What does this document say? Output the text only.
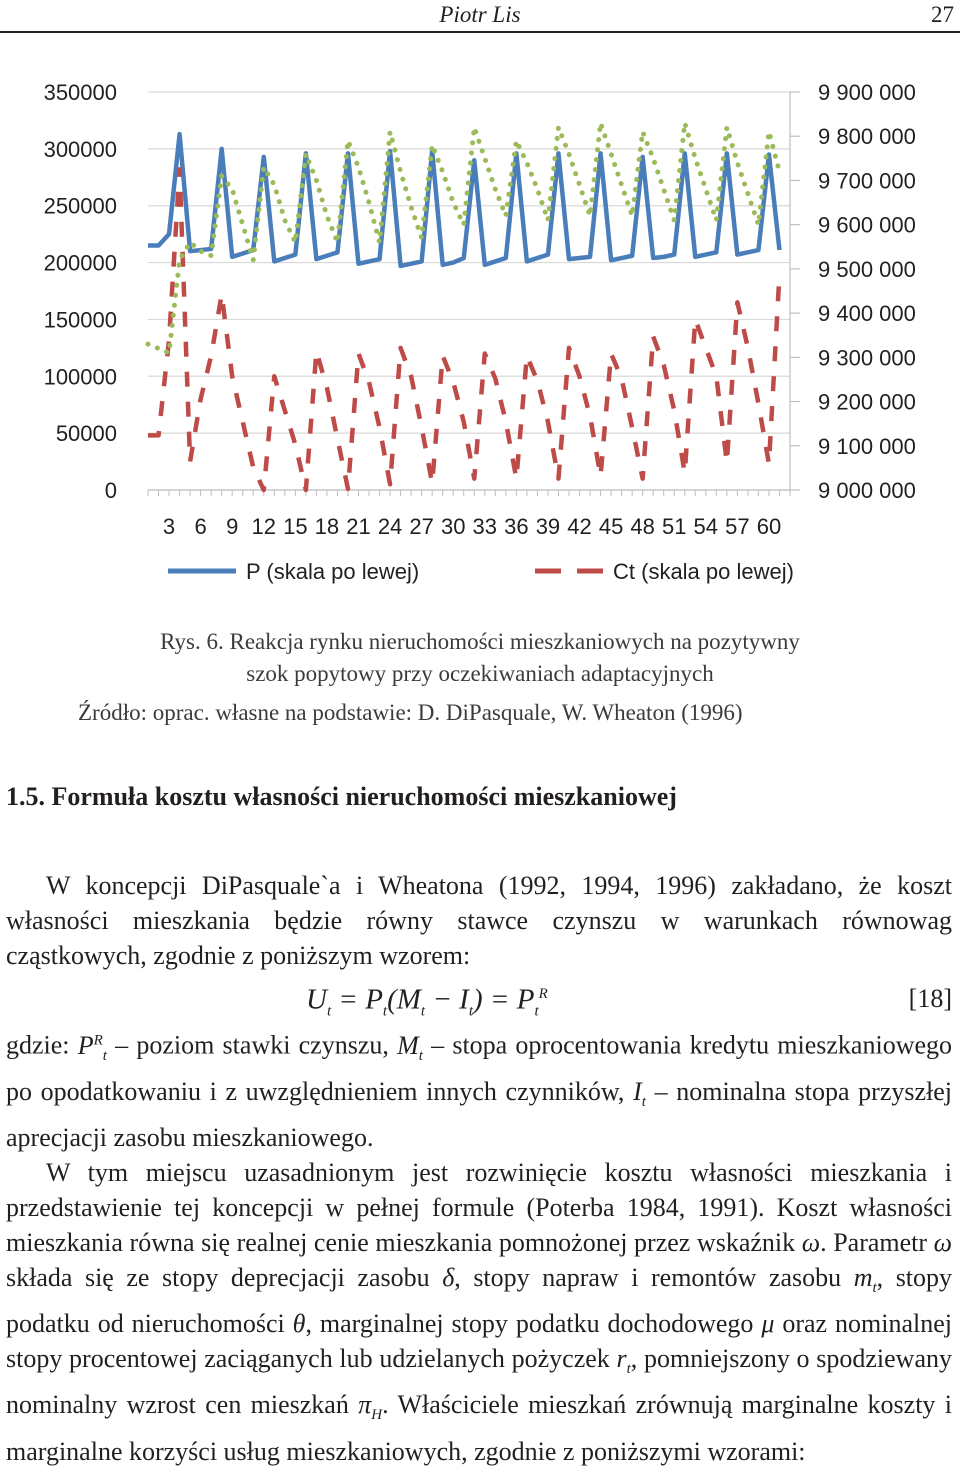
Piotr Lis	27
350000
300000
250000
200000
150000
100000
50000
0
9 900 000
9 800 000
9 700 000
9 600 000
9 500 000
9 400 000
9 300 000
9 200 000
9 100 000
9 000 000
3 6 9 12 15 18 21 24 27 30 33 36 39 42 45 48 51 54 57 60
P (skala po lewej)	Ct (skala po lewej)
Rys. 6. Reakcja rynku nieruchomości mieszkaniowych na pozytywny
szok popytowy przy oczekiwaniach adaptacyjnych
Źródło: oprac. własne na podstawie: D. DiPasquale, W. Wheaton (1996)
1.5. Formuła kosztu własności nieruchomości mieszkaniowej

W koncepcji DiPasquale`a i Wheatona (1992, 1994, 1996) zakładano, że koszt własności mieszkania będzie równy stawce czynszu w warunkach równowag cząstkowych, zgodnie z poniższym wzorem:

$U_t = P_t(M_t - I_t) = P_t^R$	[18]

gdzie: $P^R_t$ – poziom stawki czynszu, $M_t$ – stopa oprocentowania kredytu mieszkaniowego po opodatkowaniu i z uwzględnieniem innych czynników, $I_t$ – nominalna stopa przyszłej aprecjacji zasobu mieszkaniowego.

W tym miejscu uzasadnionym jest rozwinięcie kosztu własności mieszkania i przedstawienie tej koncepcji w pełnej formule (Poterba 1984, 1991). Koszt własności mieszkania równa się realnej cenie mieszkania pomnożonej przez wskaźnik ω. Parametr ω składa się ze stopy deprecjacji zasobu δ, stopy napraw i remontów zasobu $m_t$, stopy podatku od nieruchomości θ, marginalnej stopy podatku dochodowego μ oraz nominalnej stopy procentowej zaciąganych lub udzielanych pożyczek $r_t$, pomniejszony o spodziewany nominalny wzrost cen mieszkań $\pi_H$. Właściciele mieszkań zrównują marginalne koszty i marginalne korzyści usług mieszkaniowych, zgodnie z poniższymi wzorami:
